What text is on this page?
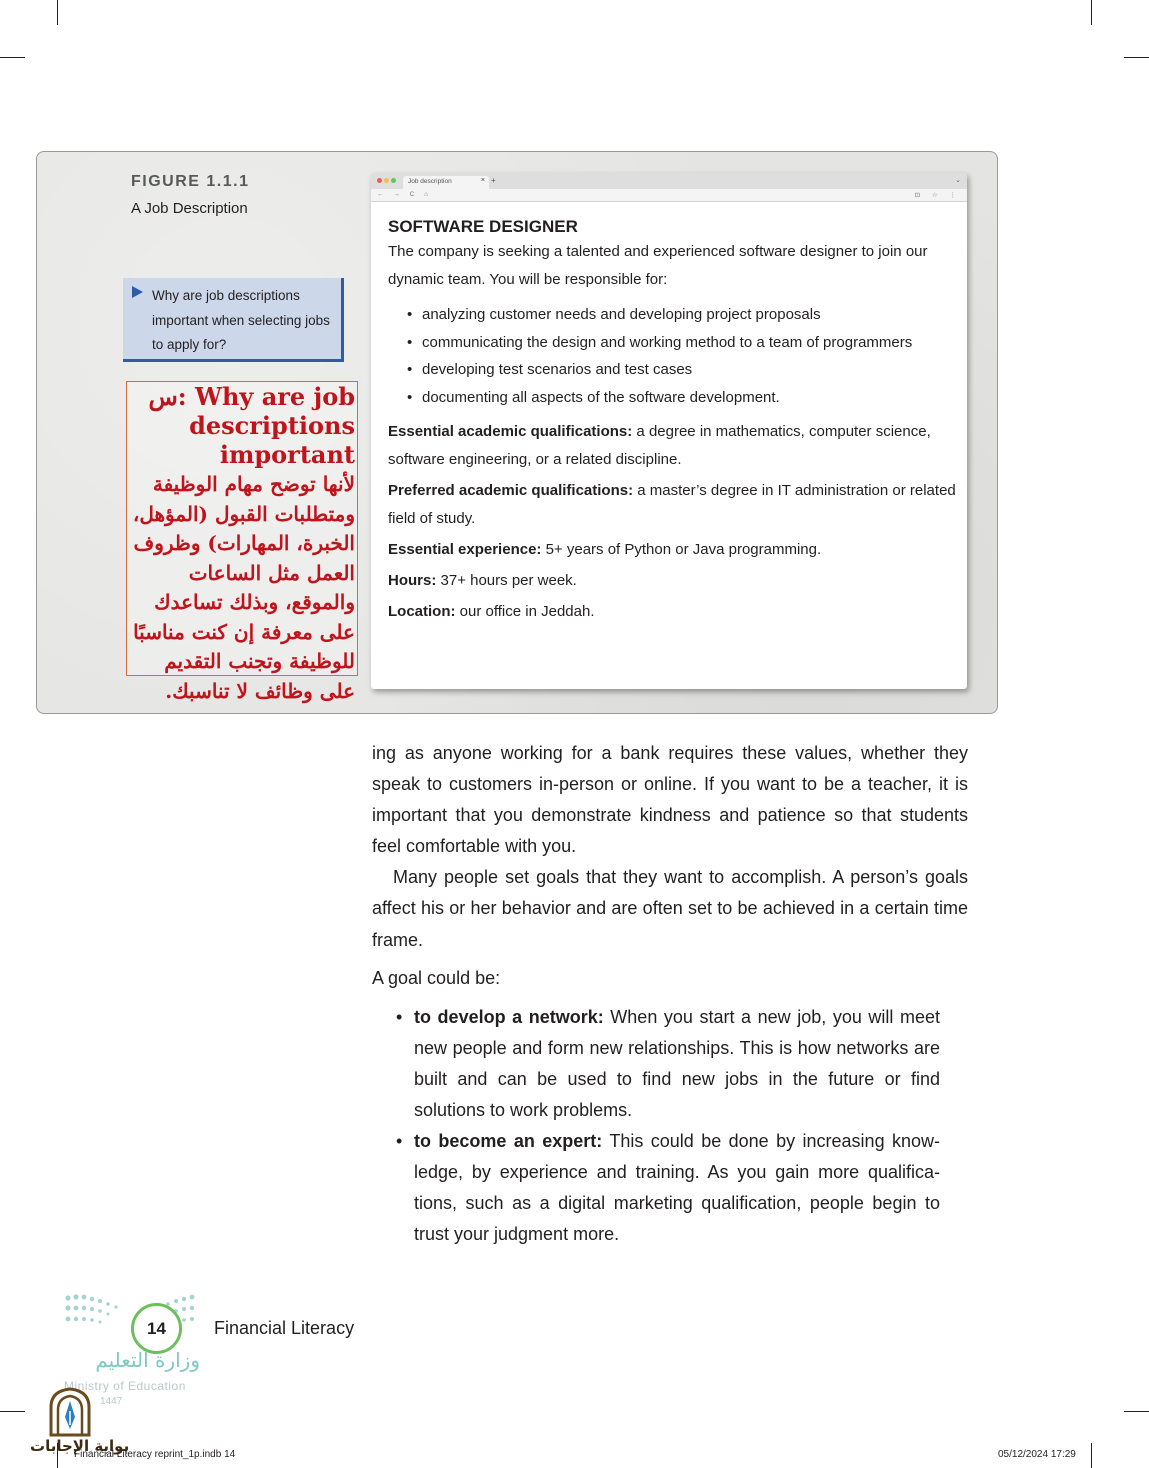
FIGURE 1.1.1
A Job Description
Why are job descriptions important when selecting jobs to apply for?
س: Why are job descriptions important
لأنها توضح مهام الوظيفة ومتطلبات القبول (المؤهل، الخبرة، المهارات) وظروف العمل مثل الساعات والموقع، وبذلك تساعدك على معرفة إن كنت مناسبًا للوظيفة وتجنب التقديم على وظائف لا تناسبك.
Job description	× +	⌄
← → C ⌂	⊡ ☆ ⋮
SOFTWARE DESIGNER

The company is seeking a talented and experienced software designer to join our dynamic team. You will be responsible for:

• analyzing customer needs and developing project proposals
• communicating the design and working method to a team of programmers
• developing test scenarios and test cases
• documenting all aspects of the software development.

Essential academic qualifications: a degree in mathematics, computer science, software engineering, or a related discipline.

Preferred academic qualifications: a master’s degree in IT administration or related field of study.

Essential experience: 5+ years of Python or Java programming.

Hours: 37+ hours per week.

Location: our office in Jeddah.

ing as anyone working for a bank requires these values, whether they speak to customers in-person or online. If you want to be a teacher, it is important that you demonstrate kindness and patience so that students feel comfortable with you.

Many people set goals that they want to accomplish. A person’s goals affect his or her behavior and are often set to be achieved in a certain time frame.

A goal could be:

• to develop a network: When you start a new job, you will meet new people and form new relationships. This is how networks are built and can be used to find new jobs in the future or find solutions to work problems.
• to become an expert: This could be done by increasing know-ledge, by experience and training. As you gain more qualifica-tions, such as a digital marketing qualification, people begin to trust your judgment more.
14	Financial Literacy
وزارة التعليم
Ministry of Education
1447
بوابة الإجابات
Financial Literacy reprint_1p.indb 14	05/12/2024 17:29
